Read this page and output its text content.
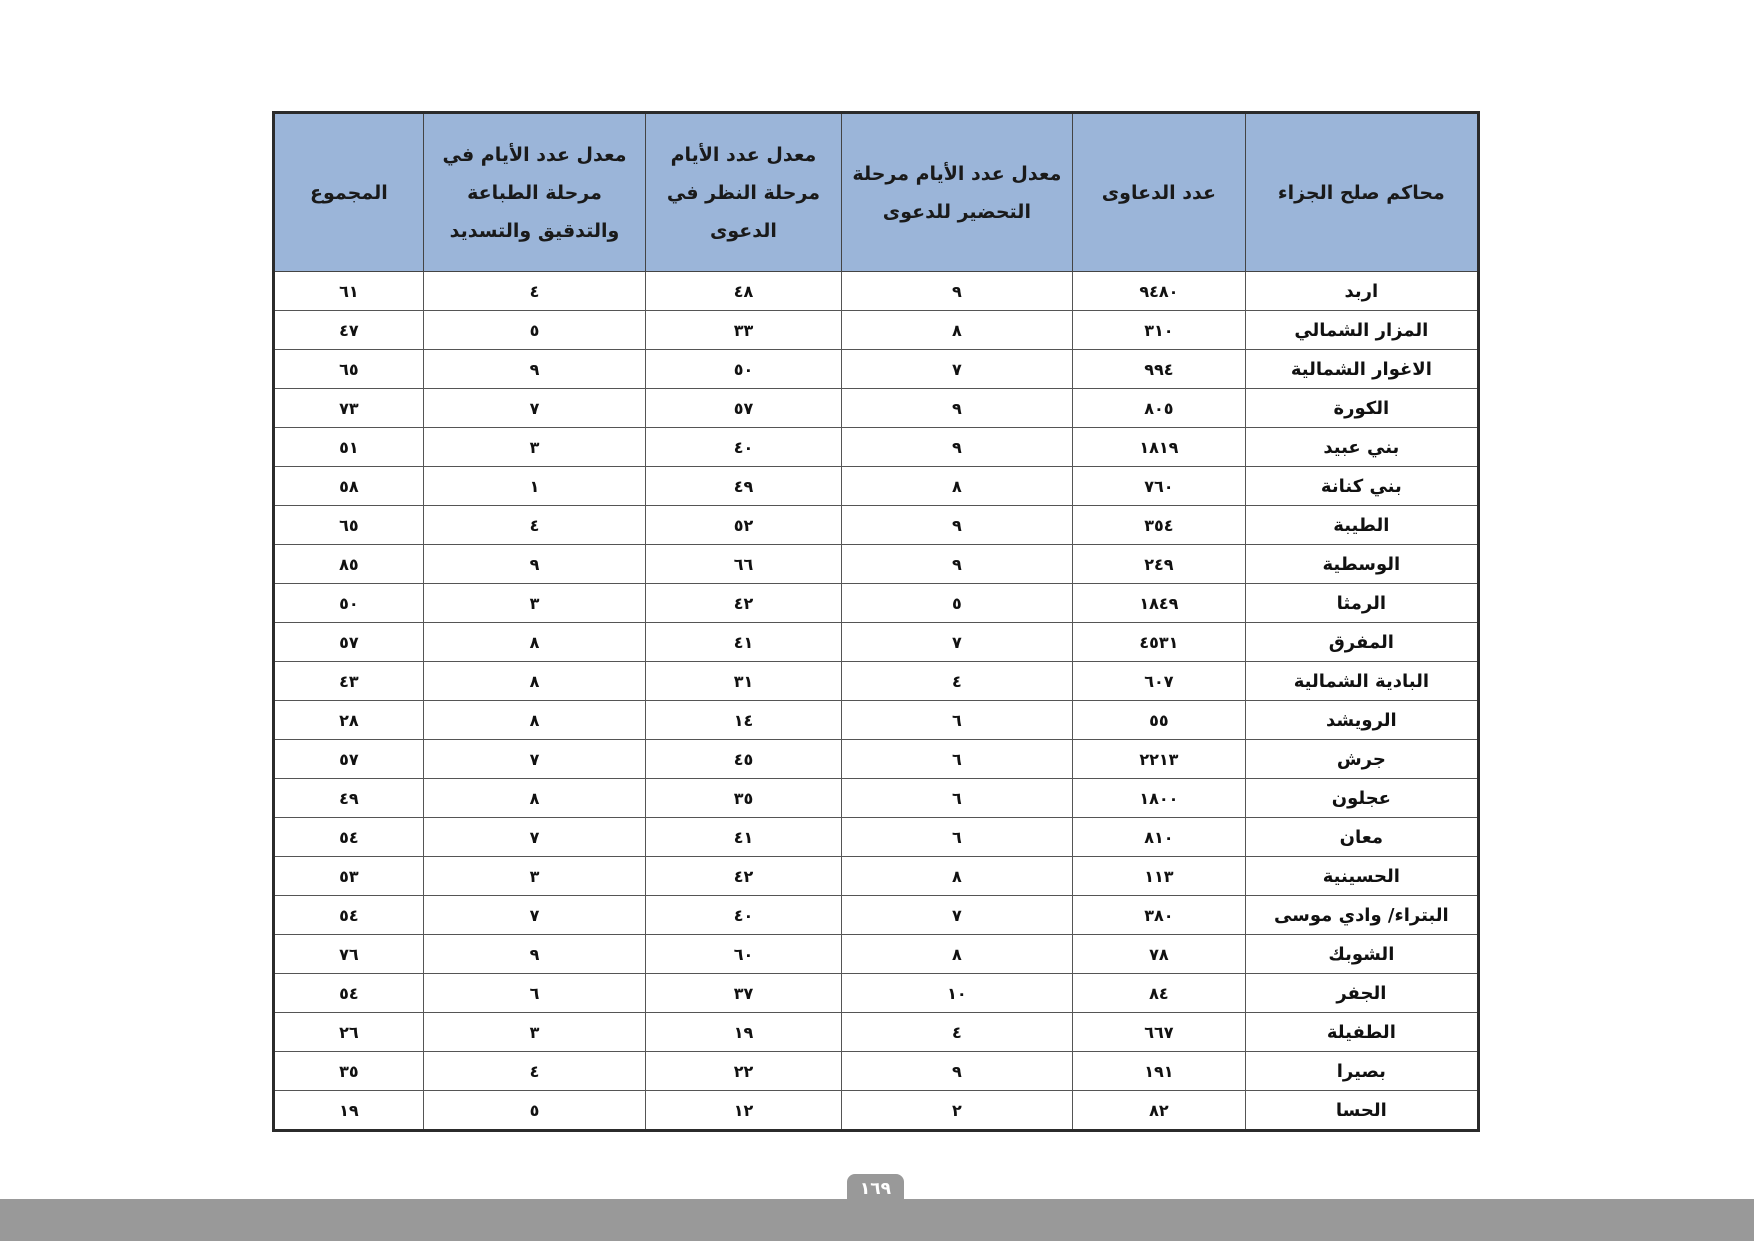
محاكم صلح الجزاء	عدد الدعاوى	معدل عدد الأيام مرحلة التحضير للدعوى	معدل عدد الأيام مرحلة النظر في الدعوى	معدل عدد الأيام في مرحلة الطباعة والتدقيق والتسديد	المجموع
اربد	٩٤٨٠	٩	٤٨	٤	٦١
المزار الشمالي	٣١٠	٨	٣٣	٥	٤٧
الاغوار الشمالية	٩٩٤	٧	٥٠	٩	٦٥
الكورة	٨٠٥	٩	٥٧	٧	٧٣
بني عبيد	١٨١٩	٩	٤٠	٣	٥١
بني كنانة	٧٦٠	٨	٤٩	١	٥٨
الطيبة	٣٥٤	٩	٥٢	٤	٦٥
الوسطية	٢٤٩	٩	٦٦	٩	٨٥
الرمثا	١٨٤٩	٥	٤٢	٣	٥٠
المفرق	٤٥٣١	٧	٤١	٨	٥٧
البادية الشمالية	٦٠٧	٤	٣١	٨	٤٣
الرويشد	٥٥	٦	١٤	٨	٢٨
جرش	٢٢١٣	٦	٤٥	٧	٥٧
عجلون	١٨٠٠	٦	٣٥	٨	٤٩
معان	٨١٠	٦	٤١	٧	٥٤
الحسينية	١١٣	٨	٤٢	٣	٥٣
البتراء/ وادي موسى	٣٨٠	٧	٤٠	٧	٥٤
الشوبك	٧٨	٨	٦٠	٩	٧٦
الجفر	٨٤	١٠	٣٧	٦	٥٤
الطفيلة	٦٦٧	٤	١٩	٣	٢٦
بصيرا	١٩١	٩	٢٢	٤	٣٥
الحسا	٨٢	٢	١٢	٥	١٩
١٦٩
